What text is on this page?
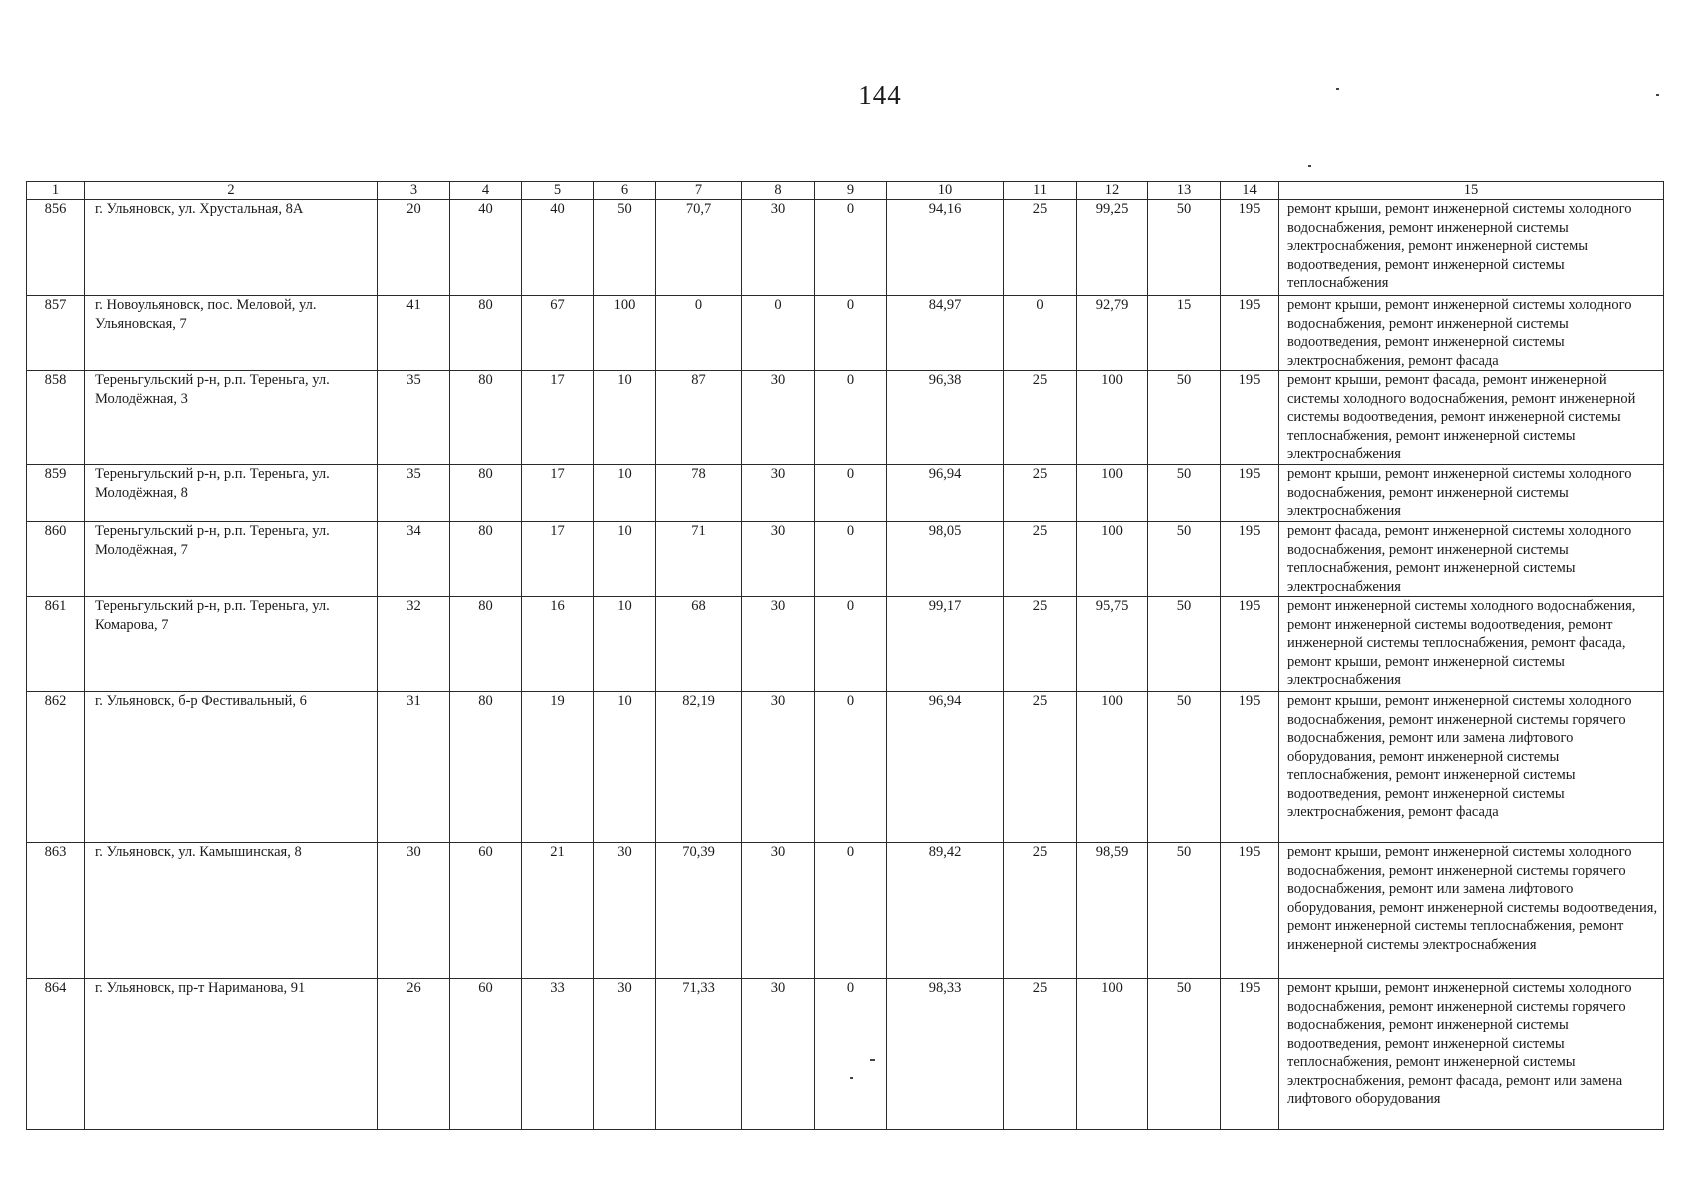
144
1	2	3	4	5	6	7	8	9	10	11	12	13	14	15
856	г. Ульяновск, ул. Хрустальная, 8А	20	40	40	50	70,7	30	0	94,16	25	99,25	50	195	ремонт крыши, ремонт инженерной системы холодного водоснабжения, ремонт инженерной системы электроснабжения, ремонт инженерной системы водоотведения, ремонт инженерной системы теплоснабжения
857	г. Новоульяновск, пос. Меловой, ул. Ульяновская, 7	41	80	67	100	0	0	0	84,97	0	92,79	15	195	ремонт крыши, ремонт инженерной системы холодного водоснабжения, ремонт инженерной системы водоотведения, ремонт инженерной системы электроснабжения, ремонт фасада
858	Тереньгульский р-н, р.п. Тереньга, ул. Молодёжная, 3	35	80	17	10	87	30	0	96,38	25	100	50	195	ремонт крыши, ремонт фасада, ремонт инженерной системы холодного водоснабжения, ремонт инженерной системы водоотведения, ремонт инженерной системы теплоснабжения, ремонт инженерной системы электроснабжения
859	Тереньгульский р-н, р.п. Тереньга, ул. Молодёжная, 8	35	80	17	10	78	30	0	96,94	25	100	50	195	ремонт крыши, ремонт инженерной системы холодного водоснабжения, ремонт инженерной системы электроснабжения
860	Тереньгульский р-н, р.п. Тереньга, ул. Молодёжная, 7	34	80	17	10	71	30	0	98,05	25	100	50	195	ремонт фасада, ремонт инженерной системы холодного водоснабжения, ремонт инженерной системы теплоснабжения, ремонт инженерной системы электроснабжения
861	Тереньгульский р-н, р.п. Тереньга, ул. Комарова, 7	32	80	16	10	68	30	0	99,17	25	95,75	50	195	ремонт инженерной системы холодного водоснабжения, ремонт инженерной системы водоотведения, ремонт инженерной системы теплоснабжения, ремонт фасада, ремонт крыши, ремонт инженерной системы электроснабжения
862	г. Ульяновск, б-р Фестивальный, 6	31	80	19	10	82,19	30	0	96,94	25	100	50	195	ремонт крыши, ремонт инженерной системы холодного водоснабжения, ремонт инженерной системы горячего водоснабжения, ремонт или замена лифтового оборудования, ремонт инженерной системы теплоснабжения, ремонт инженерной системы водоотведения, ремонт инженерной системы электроснабжения, ремонт фасада
863	г. Ульяновск, ул. Камышинская, 8	30	60	21	30	70,39	30	0	89,42	25	98,59	50	195	ремонт крыши, ремонт инженерной системы холодного водоснабжения, ремонт инженерной системы горячего водоснабжения, ремонт или замена лифтового оборудования, ремонт инженерной системы водоотведения, ремонт инженерной системы теплоснабжения, ремонт инженерной системы электроснабжения
864	г. Ульяновск, пр-т Нариманова, 91	26	60	33	30	71,33	30	0	98,33	25	100	50	195	ремонт крыши, ремонт инженерной системы холодного водоснабжения, ремонт инженерной системы горячего водоснабжения, ремонт инженерной системы водоотведения, ремонт инженерной системы теплоснабжения, ремонт инженерной системы электроснабжения, ремонт фасада, ремонт или замена лифтового оборудования
